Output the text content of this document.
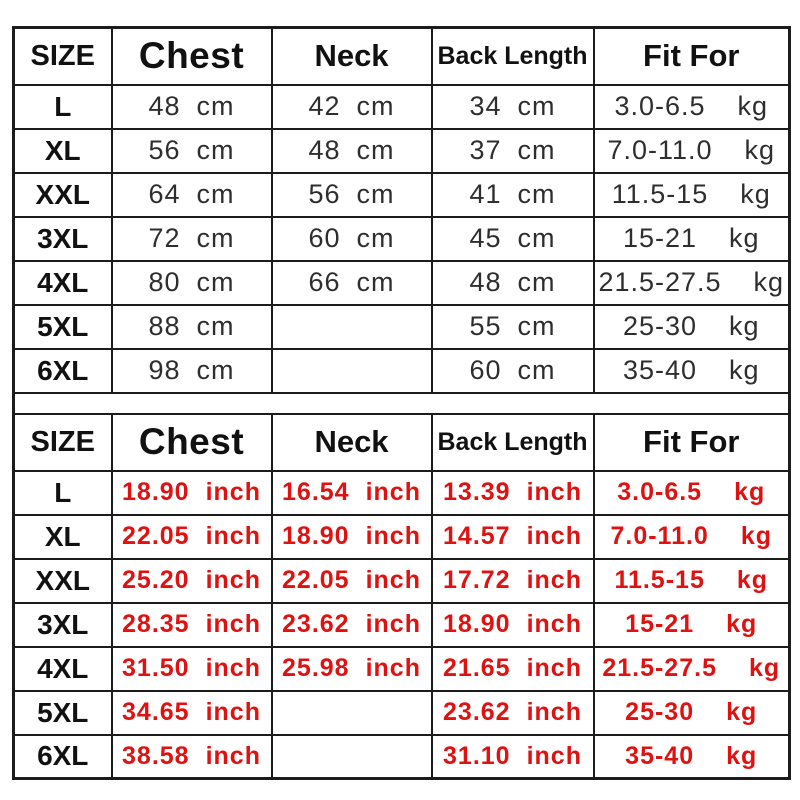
SIZE	Chest	Neck	Back Length	Fit For
L	48 cm	42 cm	34 cm	3.0-6.5 kg
XL	56 cm	48 cm	37 cm	7.0-11.0 kg
XXL	64 cm	56 cm	41 cm	11.5-15 kg
3XL	72 cm	60 cm	45 cm	15-21 kg
4XL	80 cm	66 cm	48 cm	21.5-27.5 kg
5XL	88 cm		55 cm	25-30 kg
6XL	98 cm		60 cm	35-40 kg

SIZE	Chest	Neck	Back Length	Fit For
L	18.90 inch	16.54 inch	13.39 inch	3.0-6.5 kg
XL	22.05 inch	18.90 inch	14.57 inch	7.0-11.0 kg
XXL	25.20 inch	22.05 inch	17.72 inch	11.5-15 kg
3XL	28.35 inch	23.62 inch	18.90 inch	15-21 kg
4XL	31.50 inch	25.98 inch	21.65 inch	21.5-27.5 kg
5XL	34.65 inch		23.62 inch	25-30 kg
6XL	38.58 inch		31.10 inch	35-40 kg
